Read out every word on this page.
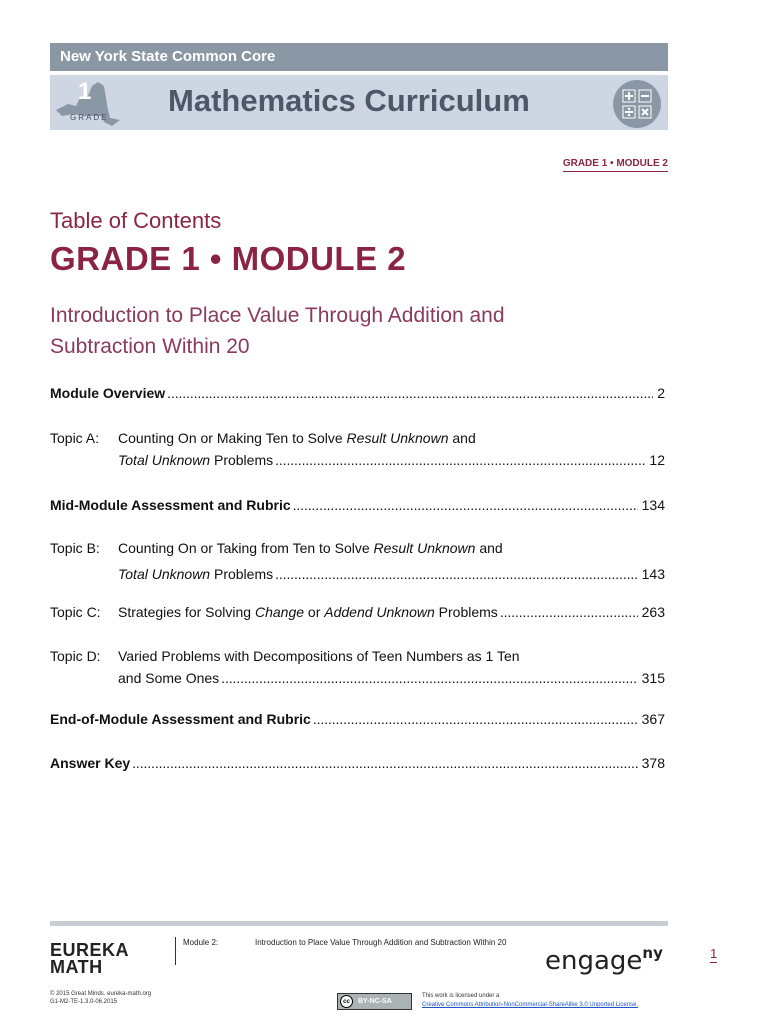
New York State Common Core
1
GRADE Mathematics Curriculum
GRADE 1 • MODULE 2
Table of Contents
GRADE 1 • MODULE 2
Introduction to Place Value Through Addition and
Subtraction Within 20
Module Overview . . .	2
Topic A: Counting On or Making Ten to Solve Result Unknown and
Total Unknown Problems . . .	12
Mid-Module Assessment and Rubric . . .	134
Topic B: Counting On or Taking from Ten to Solve Result Unknown and
Total Unknown Problems . . .	143
Topic C: Strategies for Solving Change or Addend Unknown Problems . . .	263
Topic D: Varied Problems with Decompositions of Teen Numbers as 1 Ten
and Some Ones . . .	315
End-of-Module Assessment and Rubric . . .	367
Answer Key . . .	378
EUREKA
MATH
Module 2:	Introduction to Place Value Through Addition and Subtraction Within 20
engage$^{ny}$	1
© 2015 Great Minds. eureka-math.org
G1-M2-TE-1.3.0-06.2015	cc	BY-NC-SA
This work is licensed under a
Creative Commons Attribution-NonCommercial-ShareAlike 3.0 Unported License.
